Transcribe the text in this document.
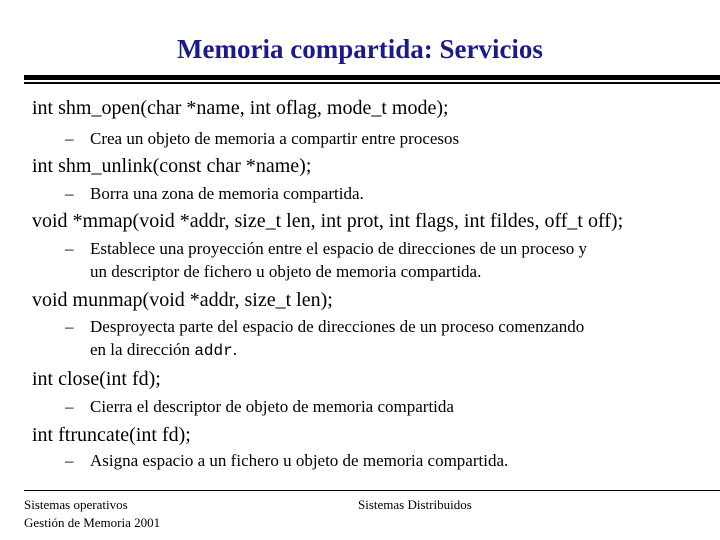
Memoria compartida: Servicios
int shm_open(char *name, int oflag, mode_t mode);
– Crea un objeto de memoria a compartir entre procesos
int shm_unlink(const char *name);
– Borra una zona de memoria compartida.
void *mmap(void *addr, size_t len, int prot, int flags, int fildes, off_t off);
– Establece una proyección entre el espacio de direcciones de un proceso y
un descriptor de fichero u objeto de memoria compartida.
void munmap(void *addr, size_t len);
– Desproyecta parte del espacio de direcciones de un proceso comenzando
en la dirección addr.
int close(int fd);
– Cierra el descriptor de objeto de memoria compartida
int ftruncate(int fd);
– Asigna espacio a un fichero u objeto de memoria compartida.
Sistemas operativos
Gestión de Memoria 2001
Sistemas Distribuidos
